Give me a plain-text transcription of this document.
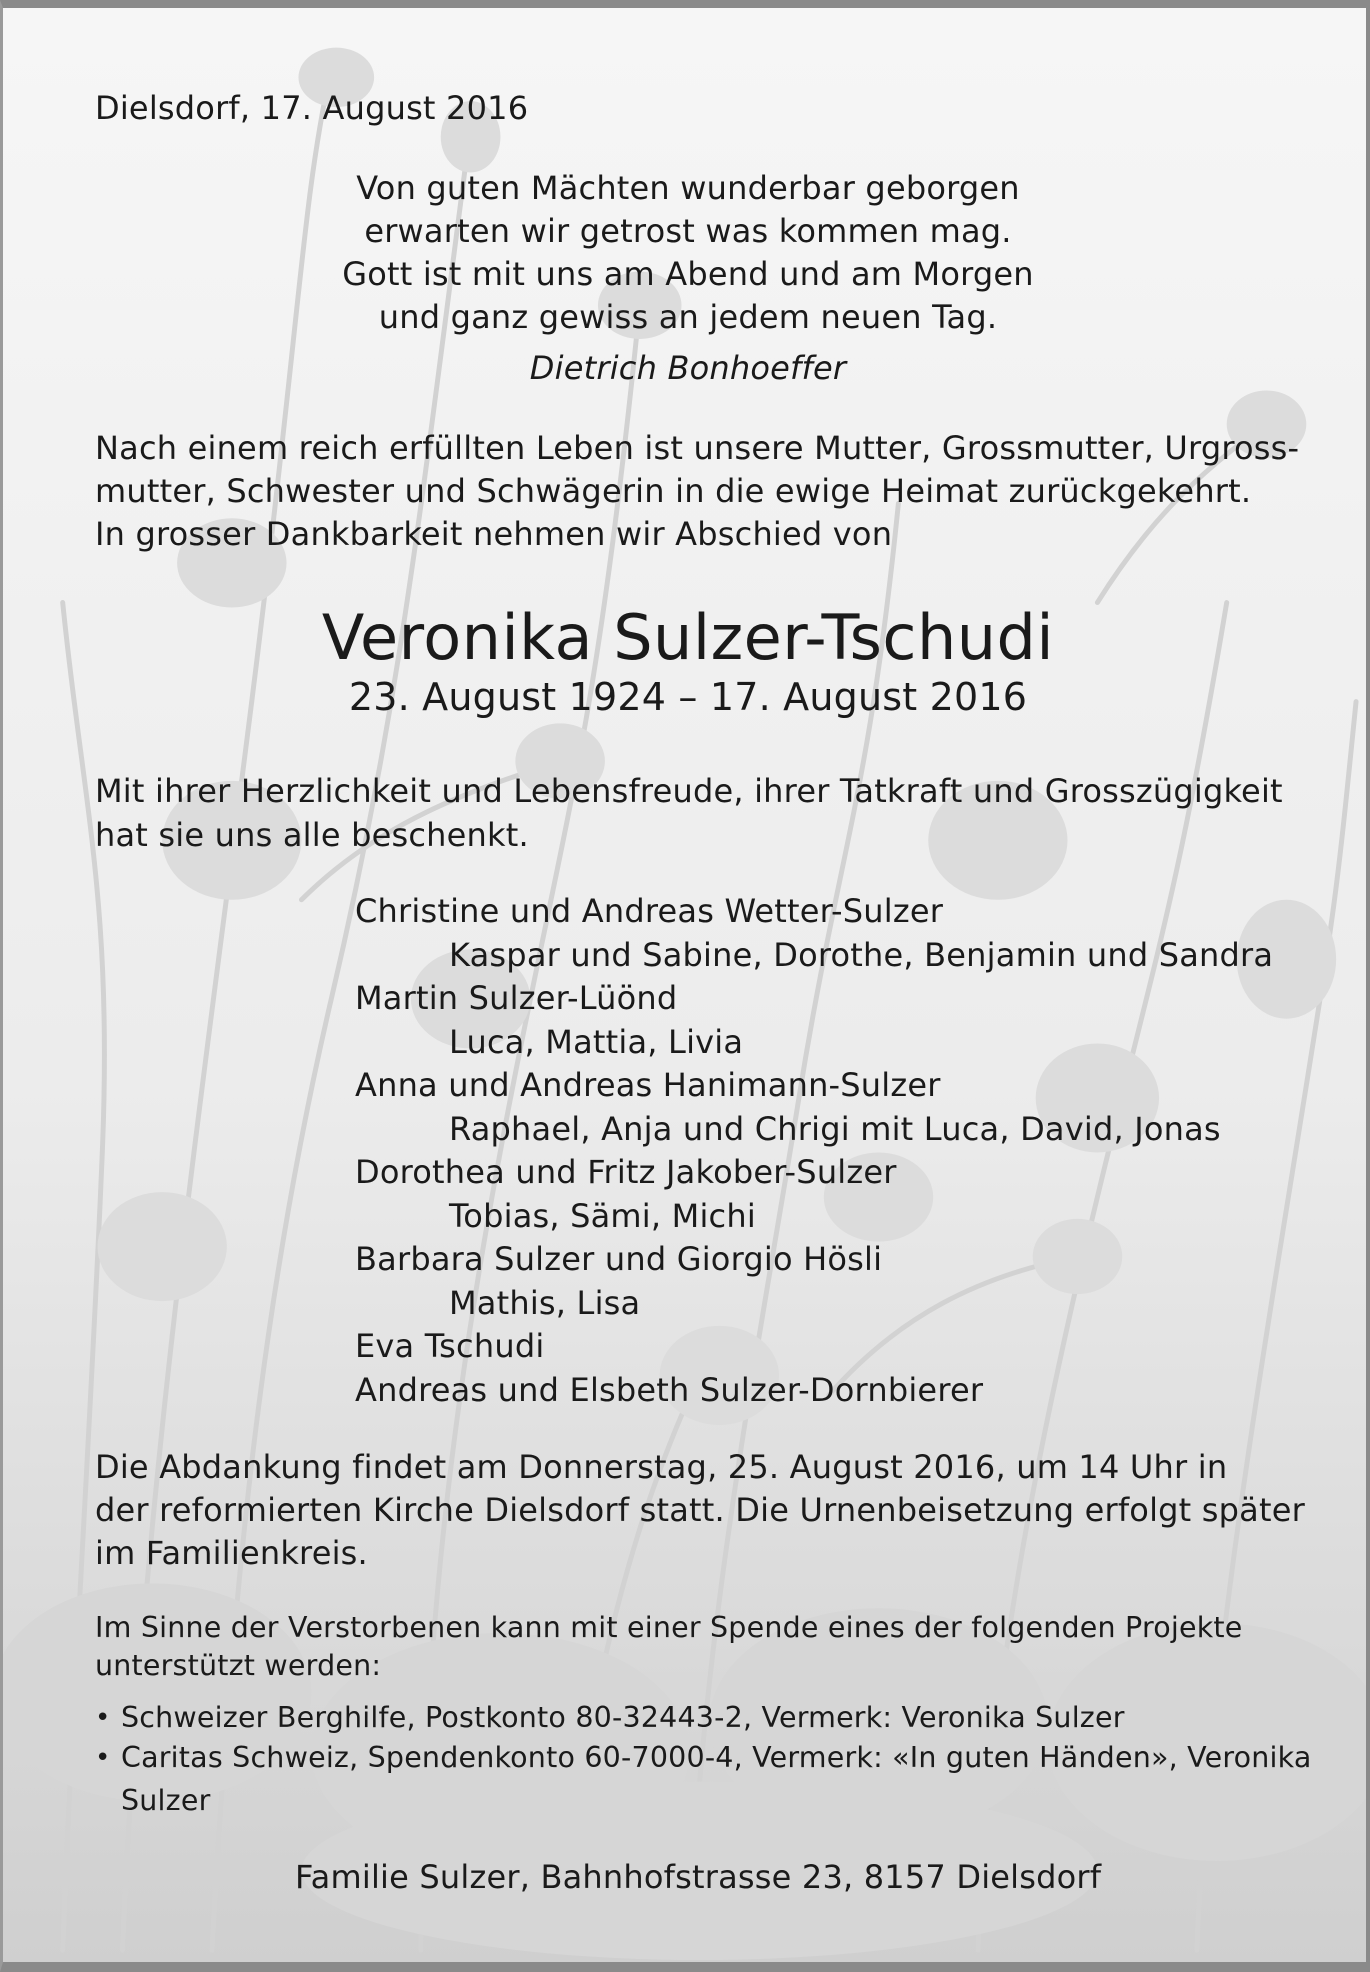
Dielsdorf, 17. August 2016
Von guten Mächten wunderbar geborgen
erwarten wir getrost was kommen mag.
Gott ist mit uns am Abend und am Morgen
und ganz gewiss an jedem neuen Tag.
Dietrich Bonhoeffer
Nach einem reich erfüllten Leben ist unsere Mutter, Grossmutter, Urgross-
mutter, Schwester und Schwägerin in die ewige Heimat zurückgekehrt.
In grosser Dankbarkeit nehmen wir Abschied von
Veronika Sulzer-Tschudi
23. August 1924 – 17. August 2016
Mit ihrer Herzlichkeit und Lebensfreude, ihrer Tatkraft und Grosszügigkeit
hat sie uns alle beschenkt.
Christine und Andreas Wetter-Sulzer
Kaspar und Sabine, Dorothe, Benjamin und Sandra
Martin Sulzer-Lüönd
Luca, Mattia, Livia
Anna und Andreas Hanimann-Sulzer
Raphael, Anja und Chrigi mit Luca, David, Jonas
Dorothea und Fritz Jakober-Sulzer
Tobias, Sämi, Michi
Barbara Sulzer und Giorgio Hösli
Mathis, Lisa
Eva Tschudi
Andreas und Elsbeth Sulzer-Dornbierer
Die Abdankung findet am Donnerstag, 25. August 2016, um 14 Uhr in
der reformierten Kirche Dielsdorf statt. Die Urnenbeisetzung erfolgt später
im Familienkreis.
Im Sinne der Verstorbenen kann mit einer Spende eines der folgenden Projekte
unterstützt werden:
• Schweizer Berghilfe, Postkonto 80-32443-2, Vermerk: Veronika Sulzer
• Caritas Schweiz, Spendenkonto 60-7000-4, Vermerk: «In guten Händen», Veronika
Sulzer
Familie Sulzer, Bahnhofstrasse 23, 8157 Dielsdorf
